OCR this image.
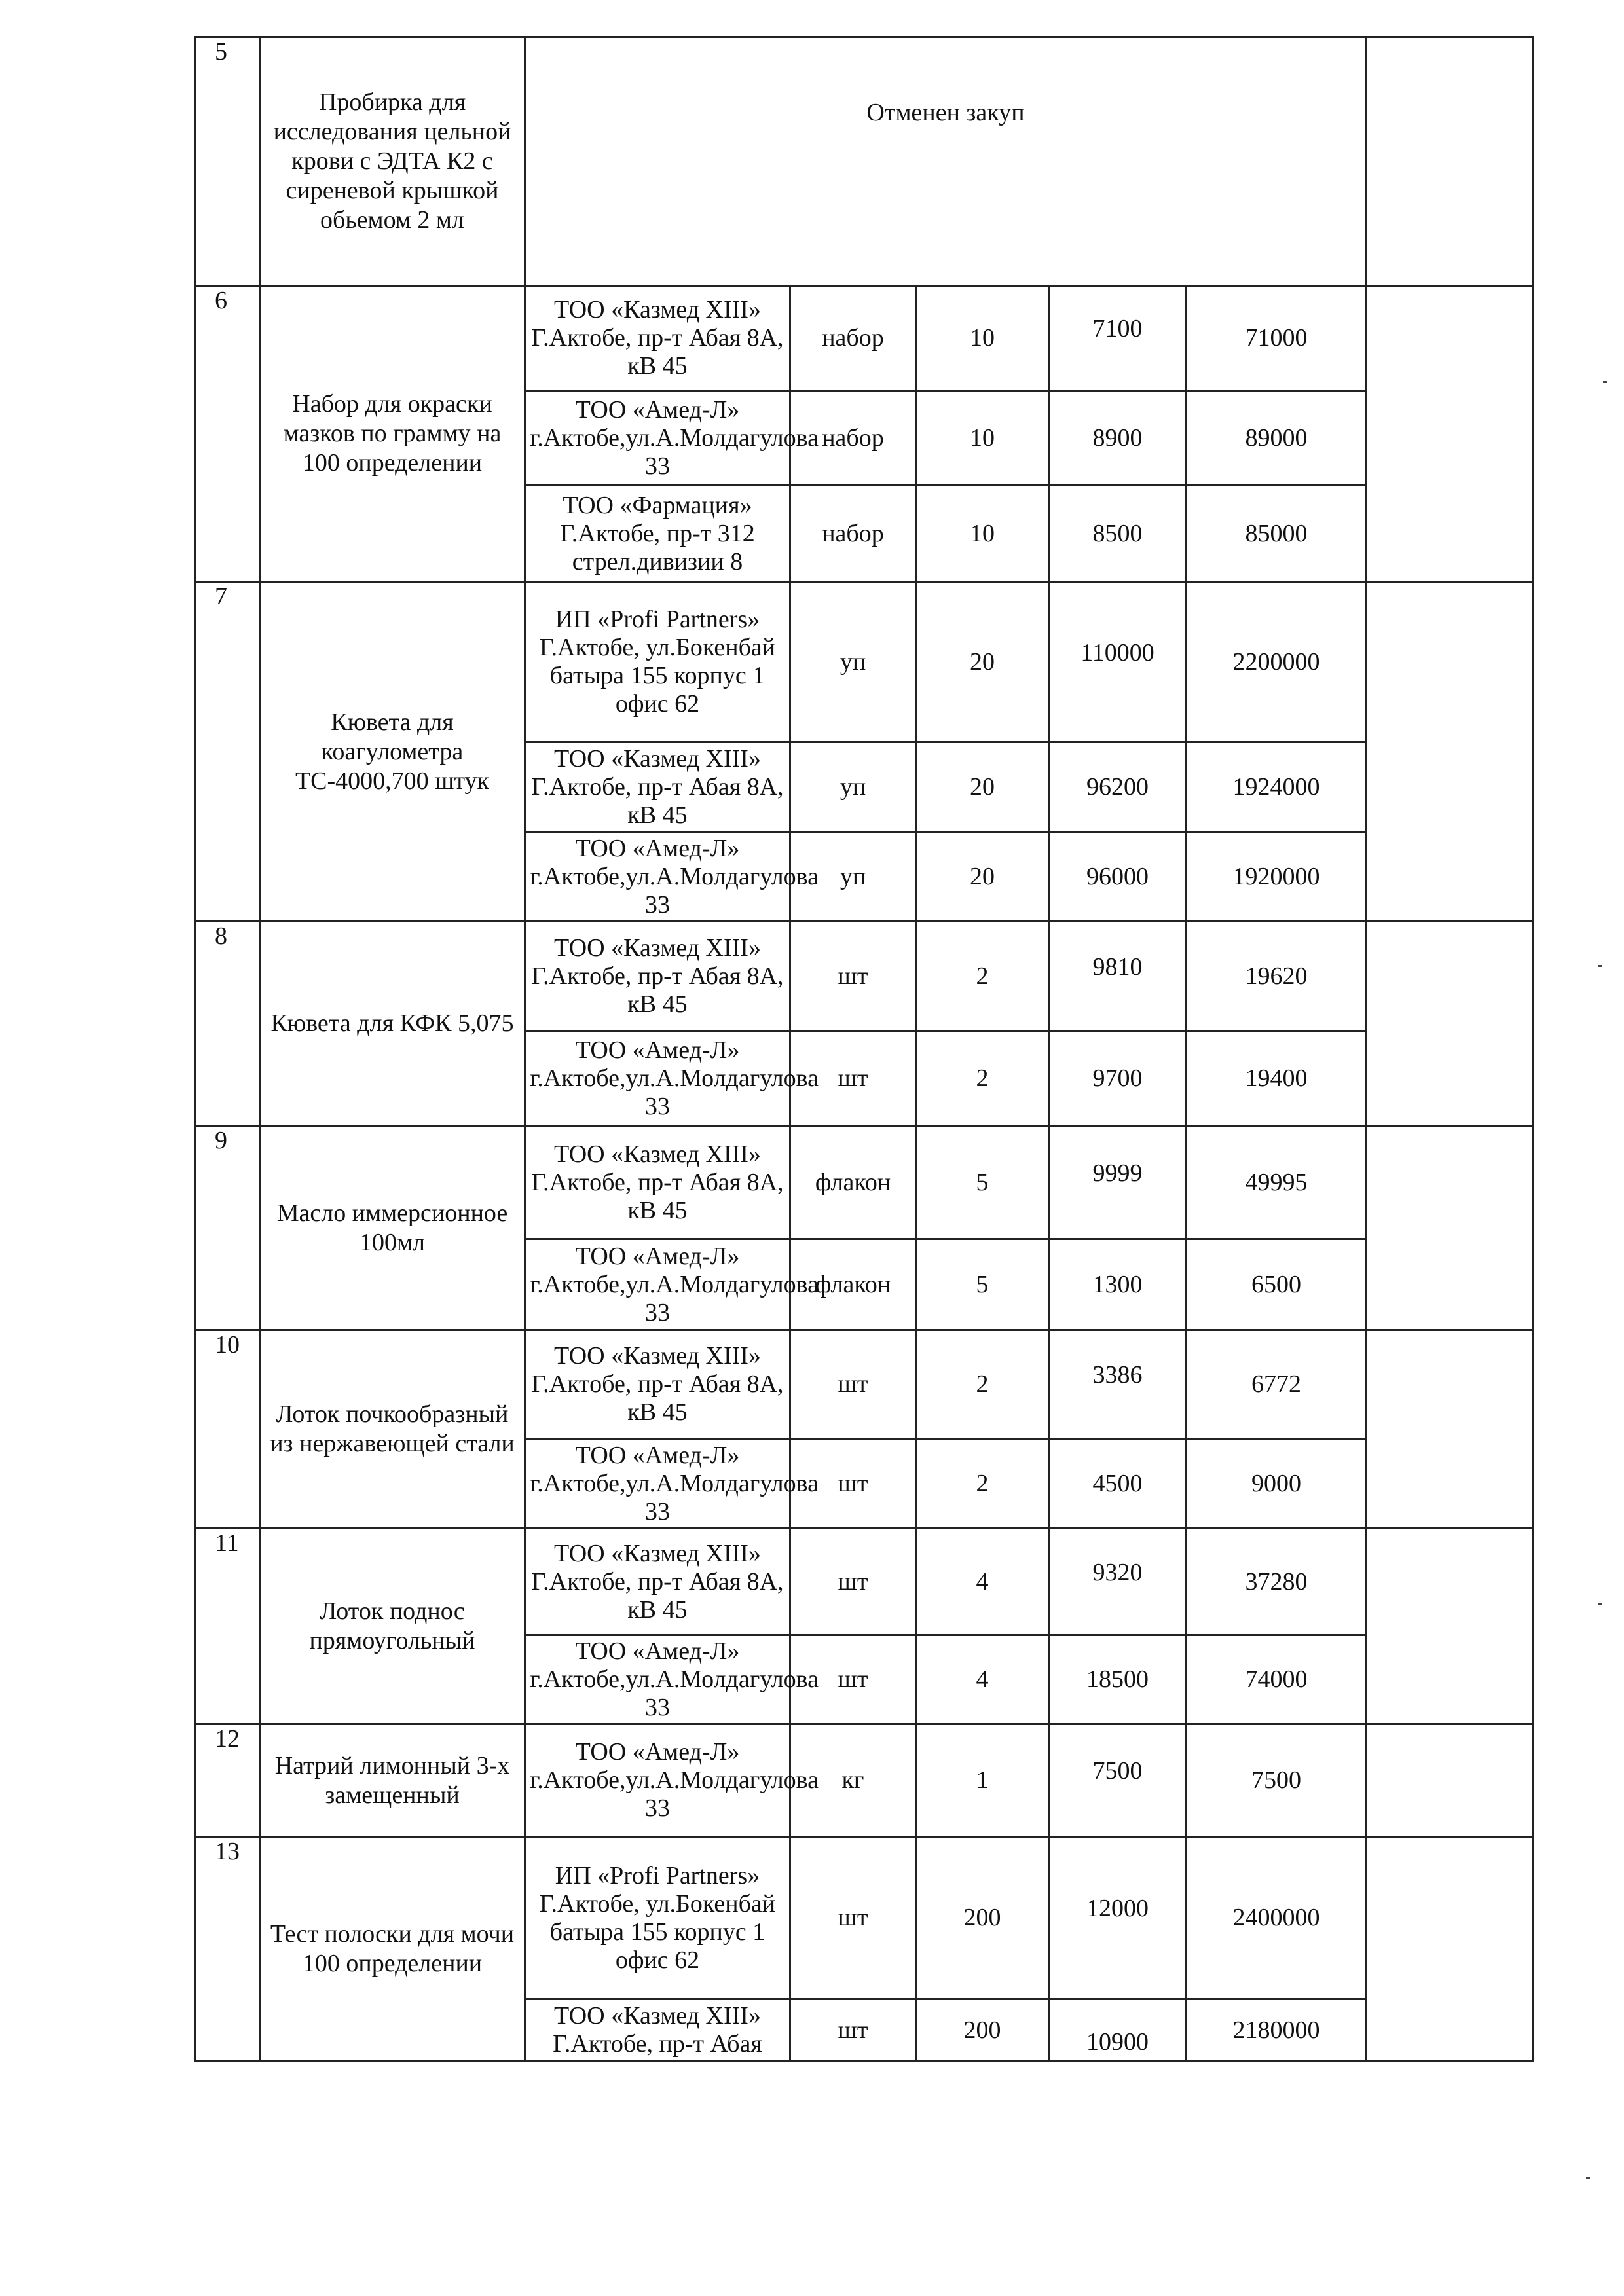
5	Пробирка для исследования цельной крови с ЭДТА К2 с сиреневой крышкой обьемом 2 мл	Отменен закуп					
6	Набор для окраски мазков по грамму на 100 определении	ТОО «Казмед XIII» Г.Актобе, пр-т Абая 8А, кВ 45	набор	10	7100	71000	
		ТОО «Амед-Л» г.Актобе,ул.А.Молдагулова 33	набор	10	8900	89000	
		ТОО «Фармация» Г.Актобе, пр-т 312 стрел.дивизии 8	набор	10	8500	85000	
7	Кювета для коагулометра ТС-4000,700 штук	ИП «Profi Partners» Г.Актобе, ул.Бокенбай батыра 155 корпус 1 офис 62	уп	20	110000	2200000	
		ТОО «Казмед XIII» Г.Актобе, пр-т Абая 8А, кВ 45	уп	20	96200	1924000	
		ТОО «Амед-Л» г.Актобе,ул.А.Молдагулова 33	уп	20	96000	1920000	
8	Кювета для КФК 5,075	ТОО «Казмед XIII» Г.Актобе, пр-т Абая 8А, кВ 45	шт	2	9810	19620	
		ТОО «Амед-Л» г.Актобе,ул.А.Молдагулова 33	шт	2	9700	19400	
9	Масло иммерсионное 100мл	ТОО «Казмед XIII» Г.Актобе, пр-т Абая 8А, кВ 45	флакон	5	9999	49995	
		ТОО «Амед-Л» г.Актобе,ул.А.Молдагулова 33	флакон	5	1300	6500	
10	Лоток почкообразный из нержавеющей стали	ТОО «Казмед XIII» Г.Актобе, пр-т Абая 8А, кВ 45	шт	2	3386	6772	
		ТОО «Амед-Л» г.Актобе,ул.А.Молдагулова 33	шт	2	4500	9000	
11	Лоток поднос прямоугольный	ТОО «Казмед XIII» Г.Актобе, пр-т Абая 8А, кВ 45	шт	4	9320	37280	
		ТОО «Амед-Л» г.Актобе,ул.А.Молдагулова 33	шт	4	18500	74000	
12	Натрий лимонный 3-х замещенный	ТОО «Амед-Л» г.Актобе,ул.А.Молдагулова 33	кг	1	7500	7500	
13	Тест полоски для мочи 100 определении	ИП «Profi Partners» Г.Актобе, ул.Бокенбай батыра 155 корпус 1 офис 62	шт	200	12000	2400000	
		ТОО «Казмед XIII» Г.Актобе, пр-т Абая	шт	200	10900	2180000	
